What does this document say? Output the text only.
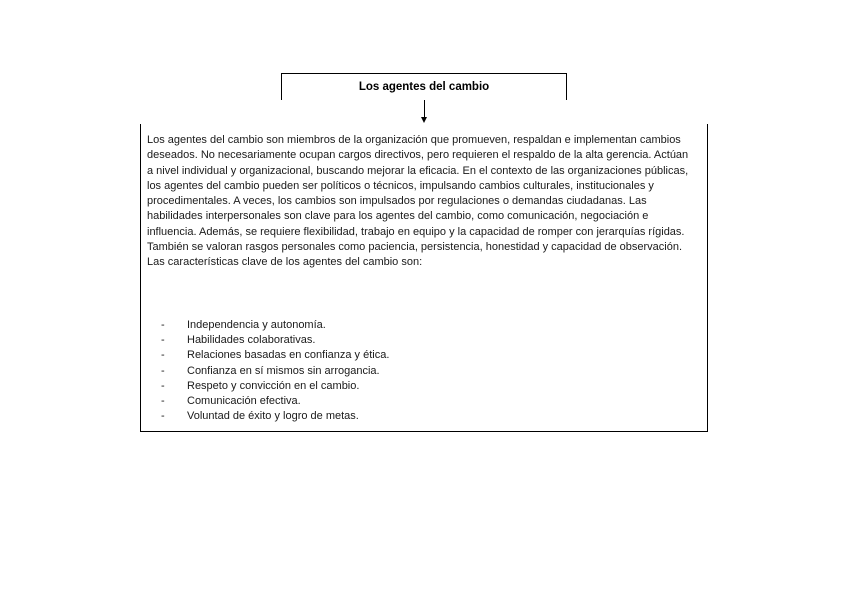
Los agentes del cambio

Los agentes del cambio son miembros de la organización que promueven, respaldan e implementan cambios deseados. No necesariamente ocupan cargos directivos, pero requieren el respaldo de la alta gerencia. Actúan a nivel individual y organizacional, buscando mejorar la eficacia. En el contexto de las organizaciones públicas, los agentes del cambio pueden ser políticos o técnicos, impulsando cambios culturales, institucionales y procedimentales. A veces, los cambios son impulsados por regulaciones o demandas ciudadanas. Las habilidades interpersonales son clave para los agentes del cambio, como comunicación, negociación e influencia. Además, se requiere flexibilidad, trabajo en equipo y la capacidad de romper con jerarquías rígidas. También se valoran rasgos personales como paciencia, persistencia, honestidad y capacidad de observación. Las características clave de los agentes del cambio son:

- Independencia y autonomía.
- Habilidades colaborativas.
- Relaciones basadas en confianza y ética.
- Confianza en sí mismos sin arrogancia.
- Respeto y convicción en el cambio.
- Comunicación efectiva.
- Voluntad de éxito y logro de metas.
